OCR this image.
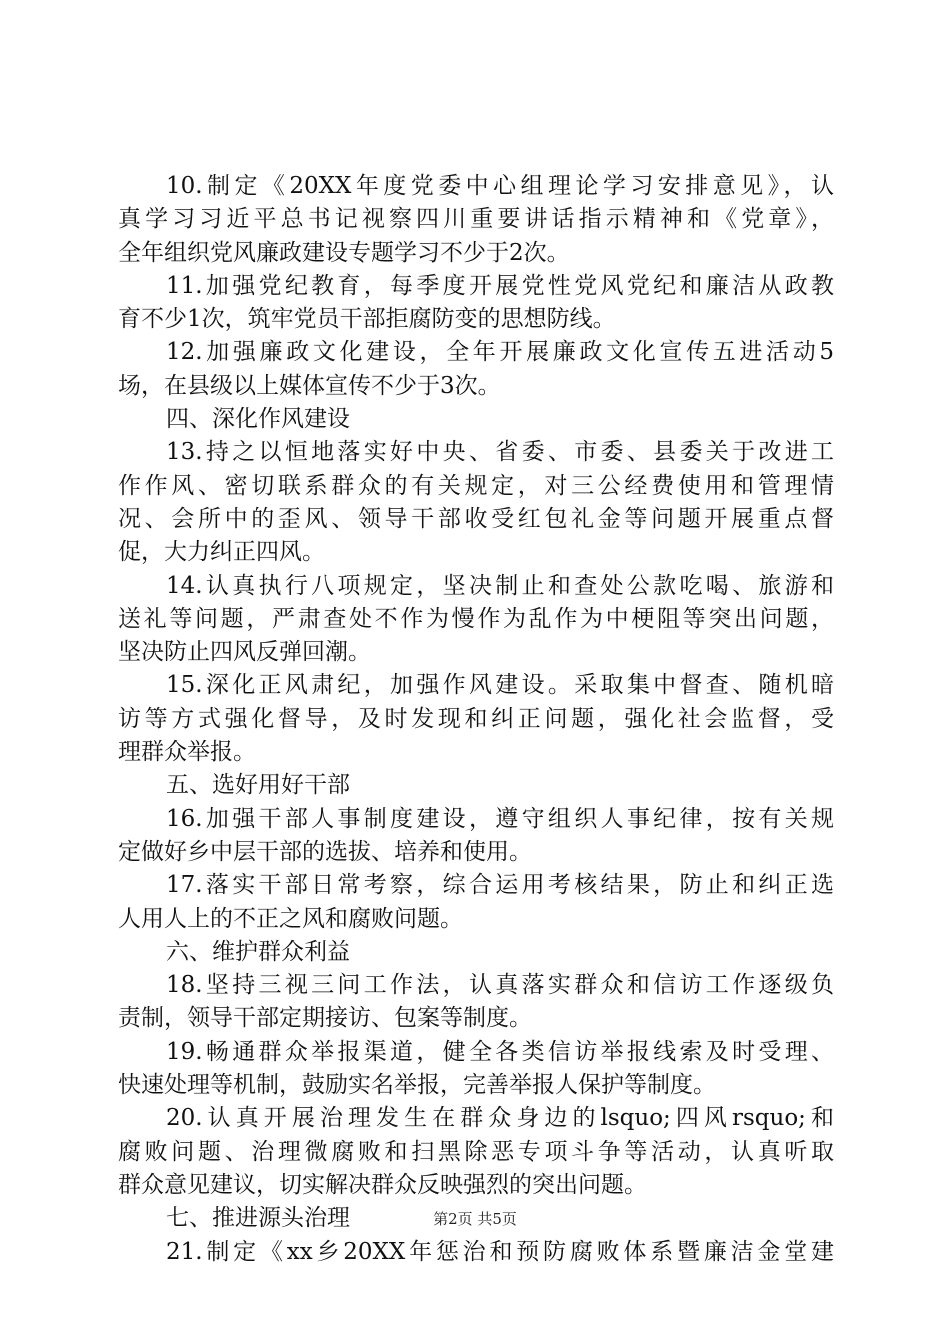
10.制定《20XX年度党委中心组理论学习安排意见》，认
真学习习近平总书记视察四川重要讲话指示精神和《党章》，
全年组织党风廉政建设专题学习不少于2次。
11.加强党纪教育，每季度开展党性党风党纪和廉洁从政教
育不少1次，筑牢党员干部拒腐防变的思想防线。
12.加强廉政文化建设，全年开展廉政文化宣传五进活动5
场，在县级以上媒体宣传不少于3次。
四、深化作风建设
13.持之以恒地落实好中央、省委、市委、县委关于改进工
作作风、密切联系群众的有关规定，对三公经费使用和管理情
况、会所中的歪风、领导干部收受红包礼金等问题开展重点督
促，大力纠正四风。
14.认真执行八项规定，坚决制止和查处公款吃喝、旅游和
送礼等问题，严肃查处不作为慢作为乱作为中梗阻等突出问题，
坚决防止四风反弹回潮。
15.深化正风肃纪，加强作风建设。采取集中督查、随机暗
访等方式强化督导，及时发现和纠正问题，强化社会监督，受
理群众举报。
五、选好用好干部
16.加强干部人事制度建设，遵守组织人事纪律，按有关规
定做好乡中层干部的选拔、培养和使用。
17.落实干部日常考察，综合运用考核结果，防止和纠正选
人用人上的不正之风和腐败问题。
六、维护群众利益
18.坚持三视三问工作法，认真落实群众和信访工作逐级负
责制，领导干部定期接访、包案等制度。
19.畅通群众举报渠道，健全各类信访举报线索及时受理、
快速处理等机制，鼓励实名举报，完善举报人保护等制度。
20.认真开展治理发生在群众身边的lsquo;四风rsquo;和
腐败问题、治理微腐败和扫黑除恶专项斗争等活动，认真听取
群众意见建议，切实解决群众反映强烈的突出问题。
七、推进源头治理
21.制定《xx乡20XX年惩治和预防腐败体系暨廉洁金堂建
第2页 共5页
